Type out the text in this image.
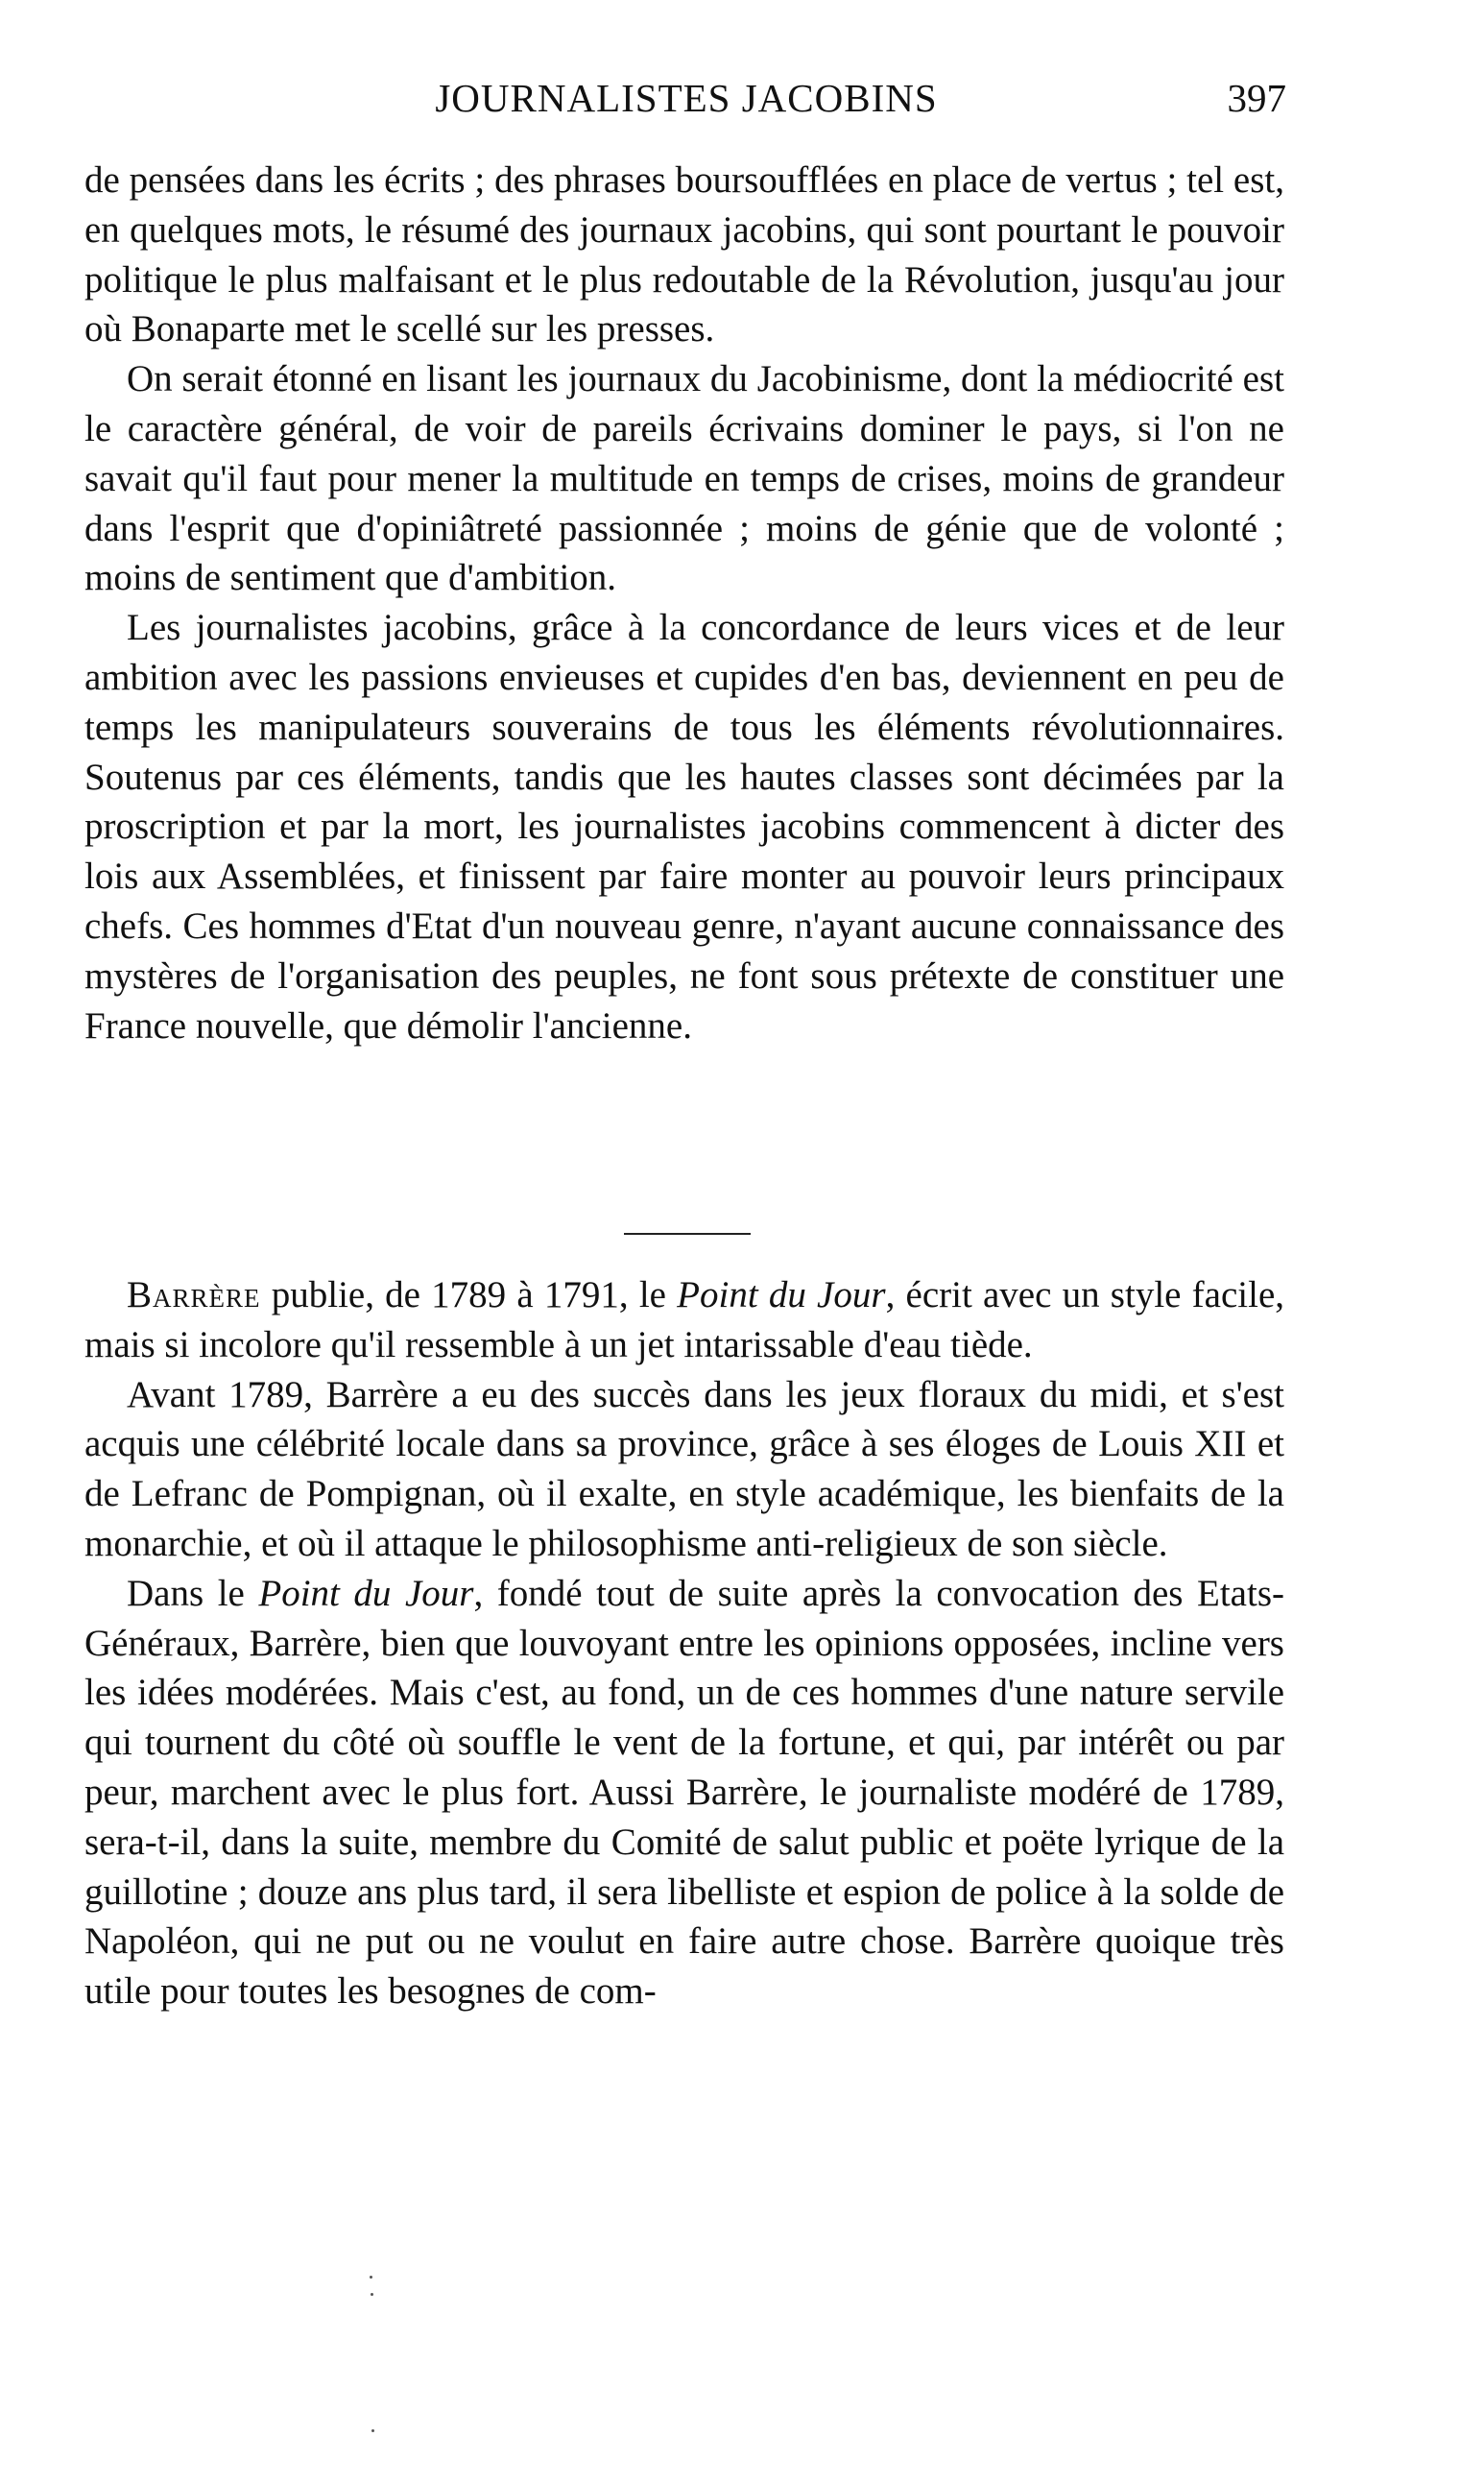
JOURNALISTES JACOBINS	397

de pensées dans les écrits ; des phrases boursoufflées en place de vertus ; tel est, en quelques mots, le résumé des journaux jacobins, qui sont pourtant le pouvoir politique le plus malfaisant et le plus redoutable de la Révolution, jusqu'au jour où Bonaparte met le scellé sur les presses.

On serait étonné en lisant les journaux du Jacobinisme, dont la médiocrité est le caractère général, de voir de pareils écrivains dominer le pays, si l'on ne savait qu'il faut pour mener la multitude en temps de crises, moins de grandeur dans l'esprit que d'opiniâtreté passionnée ; moins de génie que de volonté ; moins de sentiment que d'ambition.

Les journalistes jacobins, grâce à la concordance de leurs vices et de leur ambition avec les passions envieuses et cupides d'en bas, deviennent en peu de temps les manipulateurs souverains de tous les éléments révolutionnaires. Soutenus par ces éléments, tandis que les hautes classes sont décimées par la proscription et par la mort, les journalistes jacobins commencent à dicter des lois aux Assemblées, et finissent par faire monter au pouvoir leurs principaux chefs. Ces hommes d'Etat d'un nouveau genre, n'ayant aucune connaissance des mystères de l'organisation des peuples, ne font sous prétexte de constituer une France nouvelle, que démolir l'ancienne.

Barrère publie, de 1789 à 1791, le Point du Jour, écrit avec un style facile, mais si incolore qu'il ressemble à un jet intarissable d'eau tiède.

Avant 1789, Barrère a eu des succès dans les jeux floraux du midi, et s'est acquis une célébrité locale dans sa province, grâce à ses éloges de Louis XII et de Lefranc de Pompignan, où il exalte, en style académique, les bienfaits de la monarchie, et où il attaque le philosophisme anti-religieux de son siècle.

Dans le Point du Jour, fondé tout de suite après la convocation des Etats-Généraux, Barrère, bien que louvoyant entre les opinions opposées, incline vers les idées modérées. Mais c'est, au fond, un de ces hommes d'une nature servile qui tournent du côté où souffle le vent de la fortune, et qui, par intérêt ou par peur, marchent avec le plus fort. Aussi Barrère, le journaliste modéré de 1789, sera-t-il, dans la suite, membre du Comité de salut public et poëte lyrique de la guillotine ; douze ans plus tard, il sera libelliste et espion de police à la solde de Napoléon, qui ne put ou ne voulut en faire autre chose. Barrère quoique très utile pour toutes les besognes de com-
